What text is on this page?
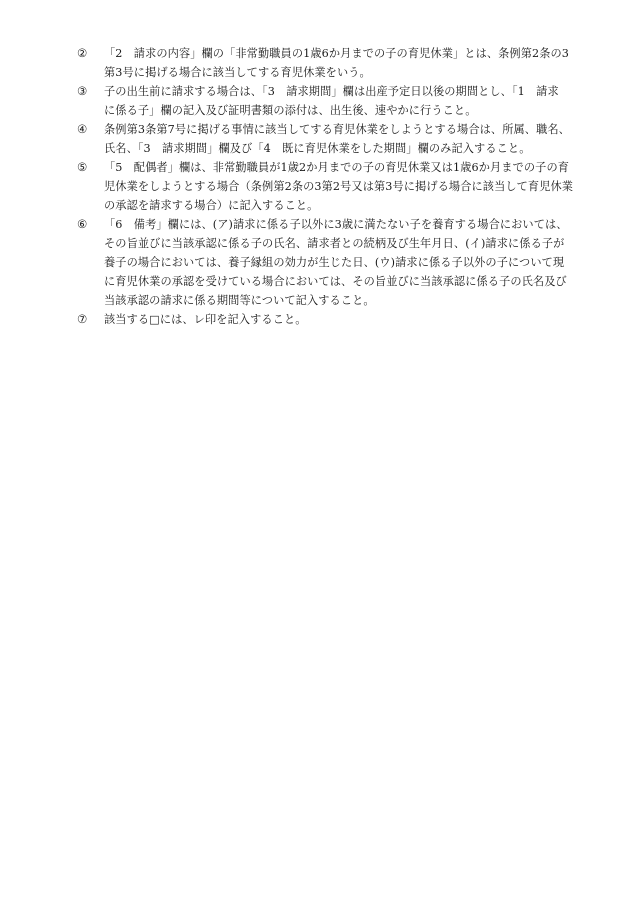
②	「2　請求の内容」欄の「非常勤職員の1歳6か月までの子の育児休業」とは、条例第2条の3
第3号に掲げる場合に該当してする育児休業をいう。
③	子の出生前に請求する場合は、「3　請求期間」欄は出産予定日以後の期間とし、「1　請求
に係る子」欄の記入及び証明書類の添付は、出生後、速やかに行うこと。
④	条例第3条第7号に掲げる事情に該当してする育児休業をしようとする場合は、所属、職名、
氏名、「3　請求期間」欄及び「4　既に育児休業をした期間」欄のみ記入すること。
⑤	「5　配偶者」欄は、非常勤職員が1歳2か月までの子の育児休業又は1歳6か月までの子の育
児休業をしようとする場合（条例第2条の3第2号又は第3号に掲げる場合に該当して育児休業
の承認を請求する場合）に記入すること。
⑥	「6　備考」欄には、(ア)請求に係る子以外に3歳に満たない子を養育する場合においては、
その旨並びに当該承認に係る子の氏名、請求者との続柄及び生年月日、(イ)請求に係る子が
養子の場合においては、養子縁組の効力が生じた日、(ウ)請求に係る子以外の子について現
に育児休業の承認を受けている場合においては、その旨並びに当該承認に係る子の氏名及び
当該承認の請求に係る期間等について記入すること。
⑦	該当する□には、レ印を記入すること。
